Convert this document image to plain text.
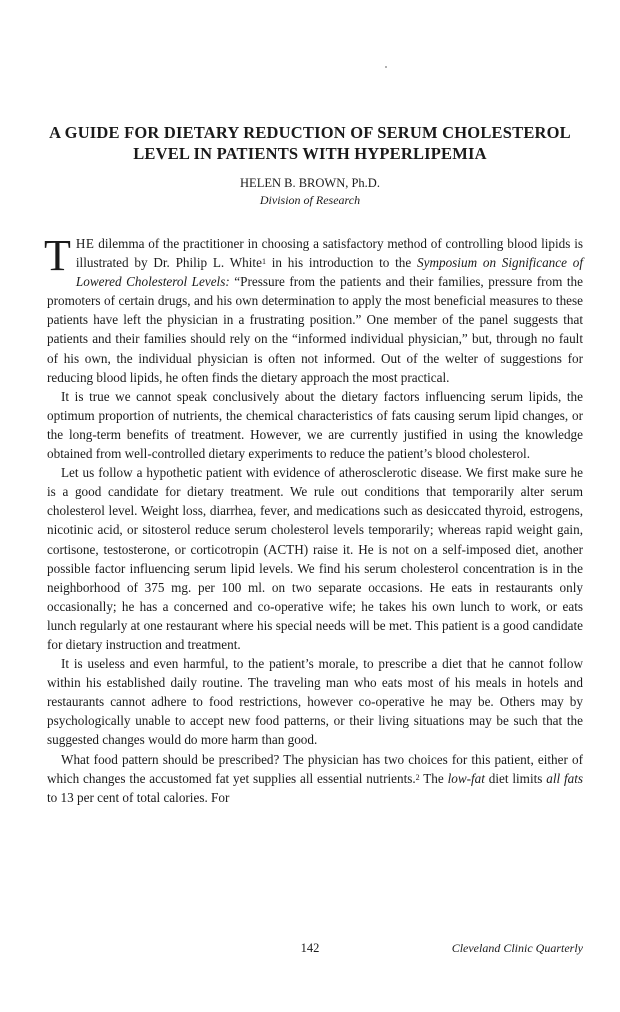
A GUIDE FOR DIETARY REDUCTION OF SERUM CHOLESTEROL
LEVEL IN PATIENTS WITH HYPERLIPEMIA

HELEN B. BROWN, Ph.D.

Division of Research

THE dilemma of the practitioner in choosing a satisfactory method of controlling blood lipids is illustrated by Dr. Philip L. White$^1$ in his introduction to the Symposium on Significance of Lowered Cholesterol Levels: “Pressure from the patients and their families, pressure from the promoters of certain drugs, and his own determination to apply the most beneficial measures to these patients have left the physician in a frustrating position.” One member of the panel suggests that patients and their families should rely on the “informed individual physician,” but, through no fault of his own, the individual physician is often not informed. Out of the welter of suggestions for reducing blood lipids, he often finds the dietary approach the most practical.

It is true we cannot speak conclusively about the dietary factors influencing serum lipids, the optimum proportion of nutrients, the chemical characteristics of fats causing serum lipid changes, or the long-term benefits of treatment. However, we are currently justified in using the knowledge obtained from well-controlled dietary experiments to reduce the patient’s blood cholesterol.

Let us follow a hypothetic patient with evidence of atherosclerotic disease. We first make sure he is a good candidate for dietary treatment. We rule out conditions that temporarily alter serum cholesterol level. Weight loss, diarrhea, fever, and medications such as desiccated thyroid, estrogens, nicotinic acid, or sitosterol reduce serum cholesterol levels temporarily; whereas rapid weight gain, cortisone, testosterone, or corticotropin (ACTH) raise it. He is not on a self-imposed diet, another possible factor influencing serum lipid levels. We find his serum cholesterol concentration is in the neighborhood of 375 mg. per 100 ml. on two separate occasions. He eats in restaurants only occasionally; he has a concerned and co-operative wife; he takes his own lunch to work, or eats lunch regularly at one restaurant where his special needs will be met. This patient is a good candidate for dietary instruction and treatment.

It is useless and even harmful, to the patient’s morale, to prescribe a diet that he cannot follow within his established daily routine. The traveling man who eats most of his meals in hotels and restaurants cannot adhere to food restrictions, however co-operative he may be. Others may by psychologically unable to accept new food patterns, or their living situations may be such that the suggested changes would do more harm than good.

What food pattern should be prescribed? The physician has two choices for this patient, either of which changes the accustomed fat yet supplies all essential nutrients.$^2$ The low-fat diet limits all fats to 13 per cent of total calories. For

142	Cleveland Clinic Quarterly
